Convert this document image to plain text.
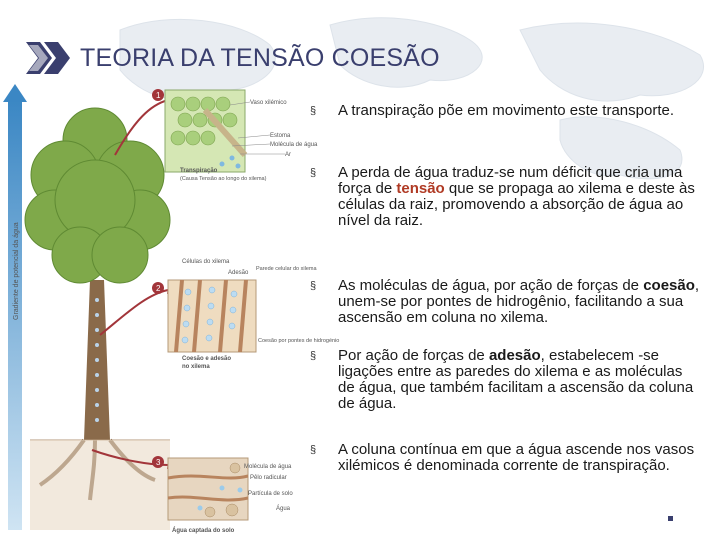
TEORIA DA TENSÃO COESÃO
Gradiente de potencial da água
1
Vaso xilémico
Estoma
Molécula de água
Ar
Transpiração
(Causa Tensão ao longo do xilema)
2
Células do xilema
Adesão
Parede celular do xilema
Coesão por pontes de hidrogénio
Coesão e adesão
no xilema
3	Molécula de água
Pêlo radicular
Partícula de solo
Água
Água captada do solo
§ A transpiração põe em movimento este transporte.
§ A perda de água traduz-se num déficit que cria uma força de tensão que se propaga ao xilema e deste às células da raiz, promovendo a absorção de água ao nível da raiz.
§ As moléculas de água, por ação de forças de coesão, unem-se por pontes de hidrogênio, facilitando a sua ascensão em coluna no xilema.
§ Por ação de forças de adesão, estabelecem -se ligações entre as paredes do xilema e as moléculas de água, que também facilitam a ascensão da coluna de água.
§ A coluna contínua em que a água ascende nos vasos xilémicos é denominada corrente de transpiração.
